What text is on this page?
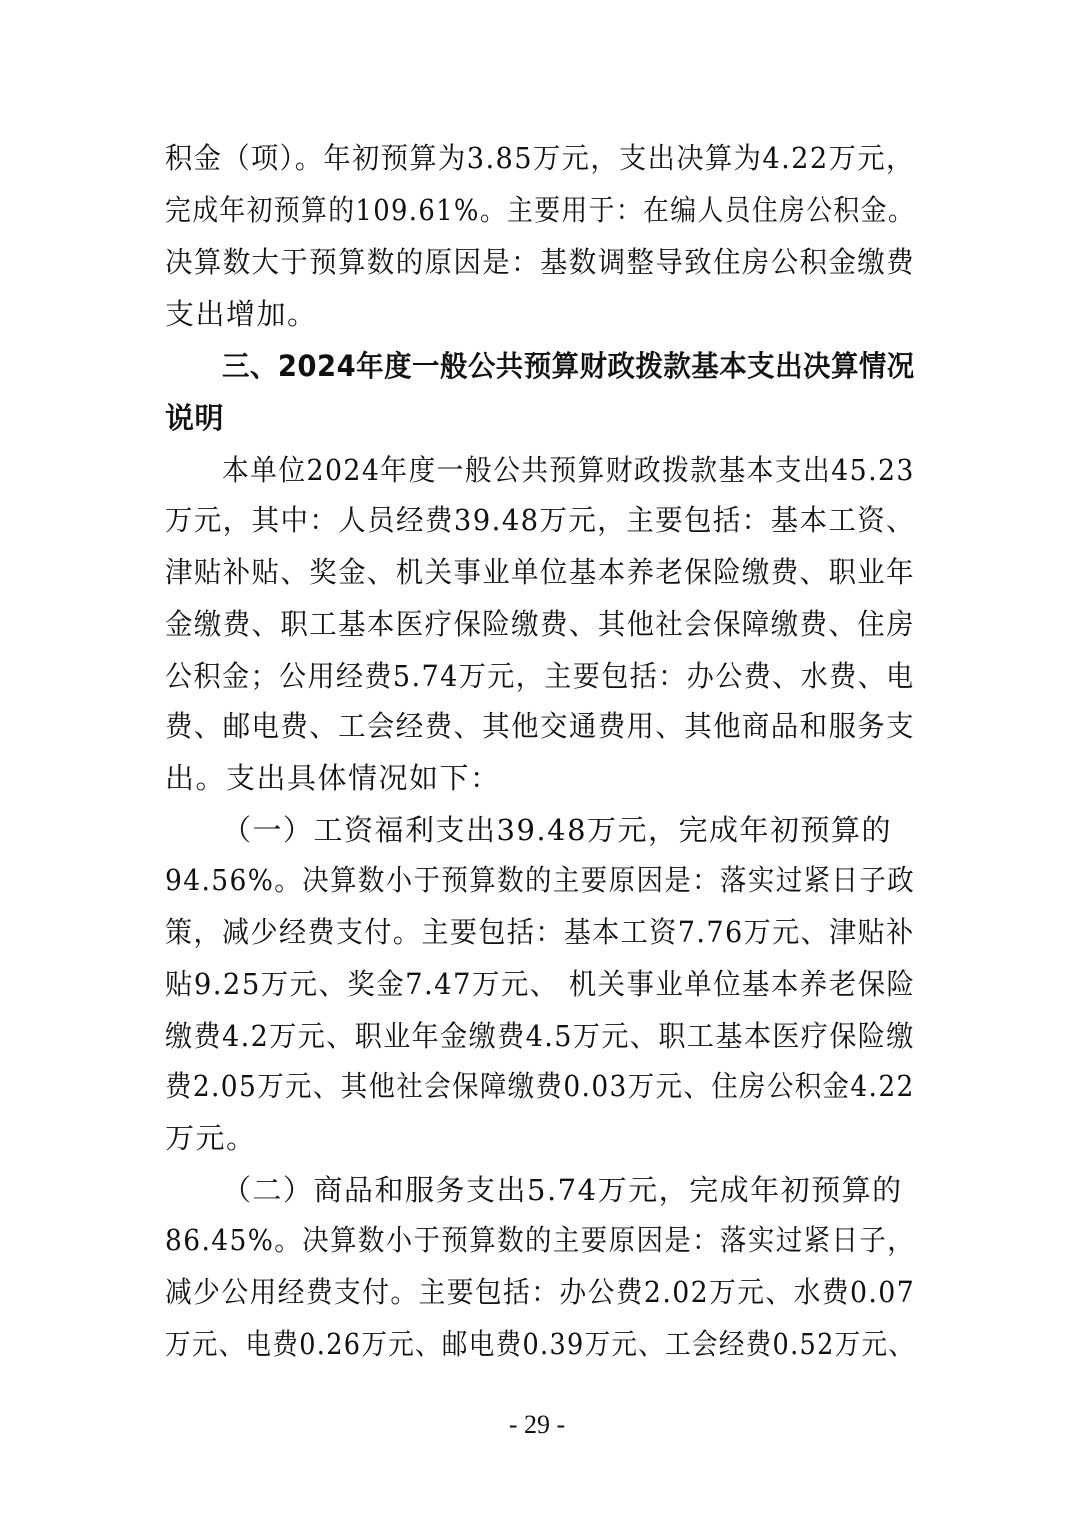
积金（项）。年初预算为3.85万元，支出决算为4.22万元，
完成年初预算的109.61%。主要用于：在编人员住房公积金。
决算数大于预算数的原因是：基数调整导致住房公积金缴费
支出增加。
三、2024年度一般公共预算财政拨款基本支出决算情况
说明
本单位2024年度一般公共预算财政拨款基本支出45.23
万元，其中：人员经费39.48万元，主要包括：基本工资、
津贴补贴、奖金、机关事业单位基本养老保险缴费、职业年
金缴费、职工基本医疗保险缴费、其他社会保障缴费、住房
公积金；公用经费5.74万元，主要包括：办公费、水费、电
费、邮电费、工会经费、其他交通费用、其他商品和服务支
出。支出具体情况如下：
（一）工资福利支出39.48万元，完成年初预算的
94.56%。决算数小于预算数的主要原因是：落实过紧日子政
策，减少经费支付。主要包括：基本工资7.76万元、津贴补
贴9.25万元、奖金7.47万元、 机关事业单位基本养老保险
缴费4.2万元、职业年金缴费4.5万元、职工基本医疗保险缴
费2.05万元、其他社会保障缴费0.03万元、住房公积金4.22
万元。
（二）商品和服务支出5.74万元，完成年初预算的
86.45%。决算数小于预算数的主要原因是：落实过紧日子，
减少公用经费支付。主要包括：办公费2.02万元、水费0.07
万元、电费0.26万元、邮电费0.39万元、工会经费0.52万元、
- 29 -
